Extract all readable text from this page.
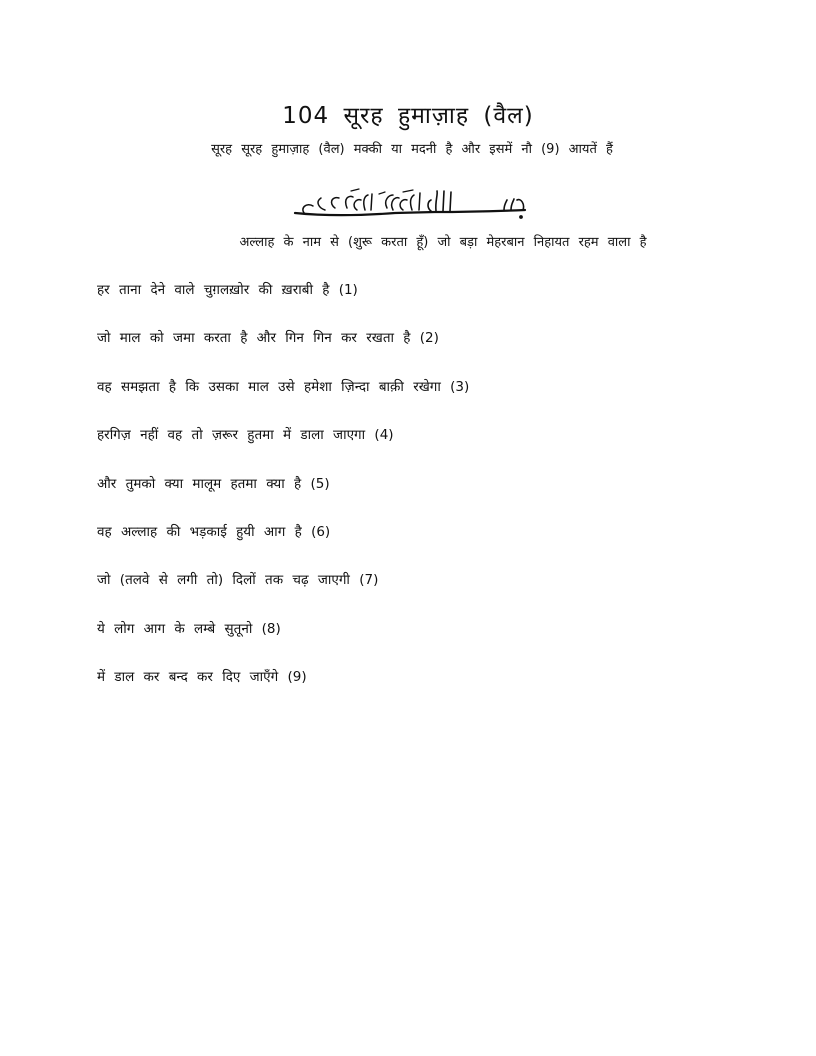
104 सूरह हुमाज़ाह (वैल)
सूरह सूरह हुमाज़ाह (वैल) मक्की या मदनी है और इसमें नौ (9) आयतें हैं
अल्लाह के नाम से (शुरू करता हूँ) जो बड़ा मेहरबान निहायत रहम वाला है
हर ताना देने वाले चुग़लख़ोर की ख़राबी है (1)
जो माल को जमा करता है और गिन गिन कर रखता है (2)
वह समझता है कि उसका माल उसे हमेशा ज़िन्दा बाक़ी रखेगा (3)
हरगिज़ नहीं वह तो ज़रूर हुतमा में डाला जाएगा (4)
और तुमको क्या मालूम हतमा क्या है (5)
वह अल्लाह की भड़काई हुयी आग है (6)
जो (तलवे से लगी तो) दिलों तक चढ़ जाएगी (7)
ये लोग आग के लम्बे सुतूनो (8)
में डाल कर बन्द कर दिए जाएँगे (9)
